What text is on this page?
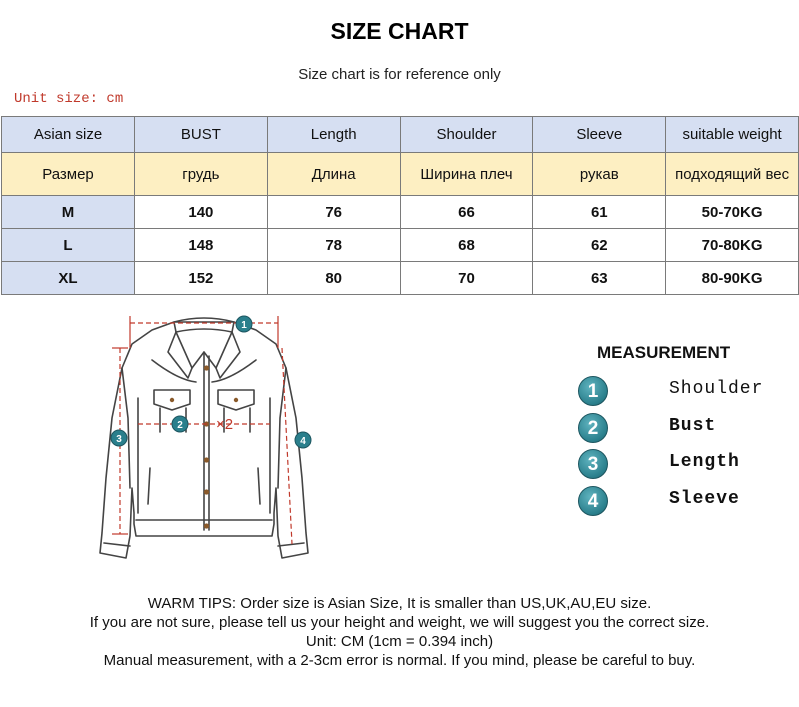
SIZE CHART
Size chart is for reference only
Unit size: cm
Asian size	BUST	Length	Shoulder	Sleeve	suitable weight
Размер	грудь	Длина	Ширина плеч	рукав	подходящий вес
M	140	76	66	61	50-70KG
L	148	78	68	62	70-80KG
XL	152	80	70	63	80-90KG
×2
1
2
3	4
MEASUREMENT
1	Shoulder
2	Bust
3	Length
4	Sleeve
WARM TIPS: Order size is Asian Size, It is smaller than US,UK,AU,EU size.
If you are not sure, please tell us your height and weight, we will suggest you the correct size.
Unit: CM (1cm = 0.394 inch)
Manual measurement, with a 2-3cm error is normal. If you mind, please be careful to buy.
